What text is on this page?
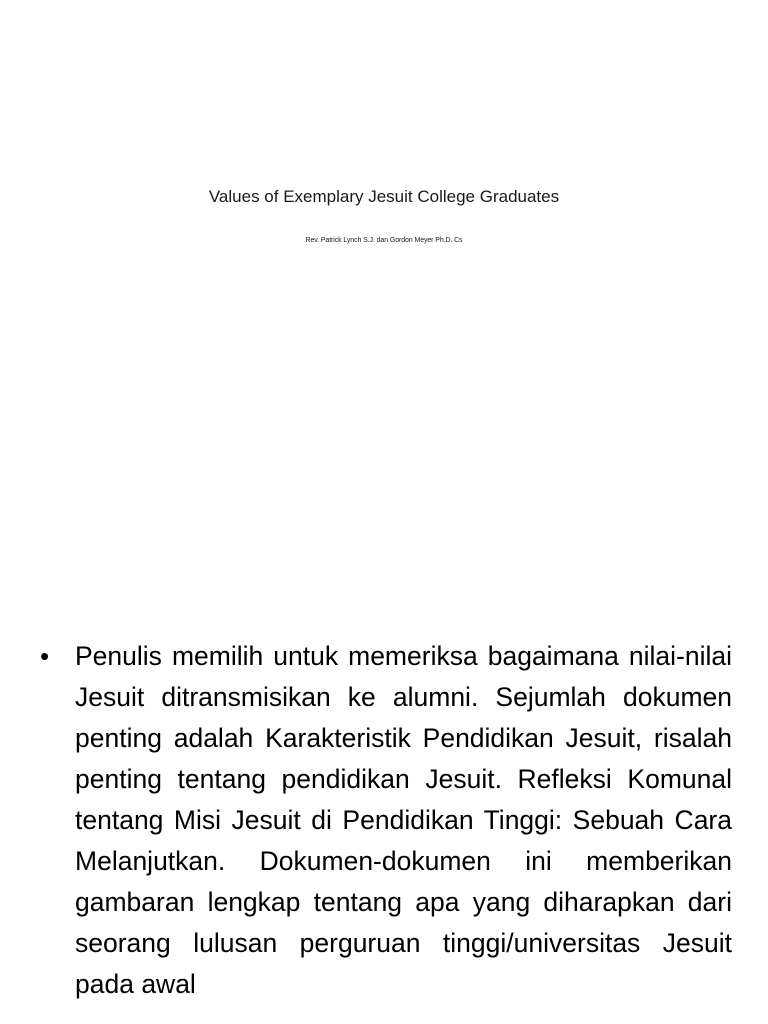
Values of Exemplary Jesuit College Graduates
Rev. Patrick Lynch S.J. dan Gordon Meyer Ph.D. Cs
• Penulis memilih untuk memeriksa bagaimana nilai-nilai Jesuit ditransmisikan ke alumni. Sejumlah dokumen penting adalah Karakteristik Pendidikan Jesuit, risalah penting tentang pendidikan Jesuit. Refleksi Komunal tentang Misi Jesuit di Pendidikan Tinggi: Sebuah Cara Melanjutkan. Dokumen-dokumen ini memberikan gambaran lengkap tentang apa yang diharapkan dari seorang lulusan perguruan tinggi/universitas Jesuit pada awal
